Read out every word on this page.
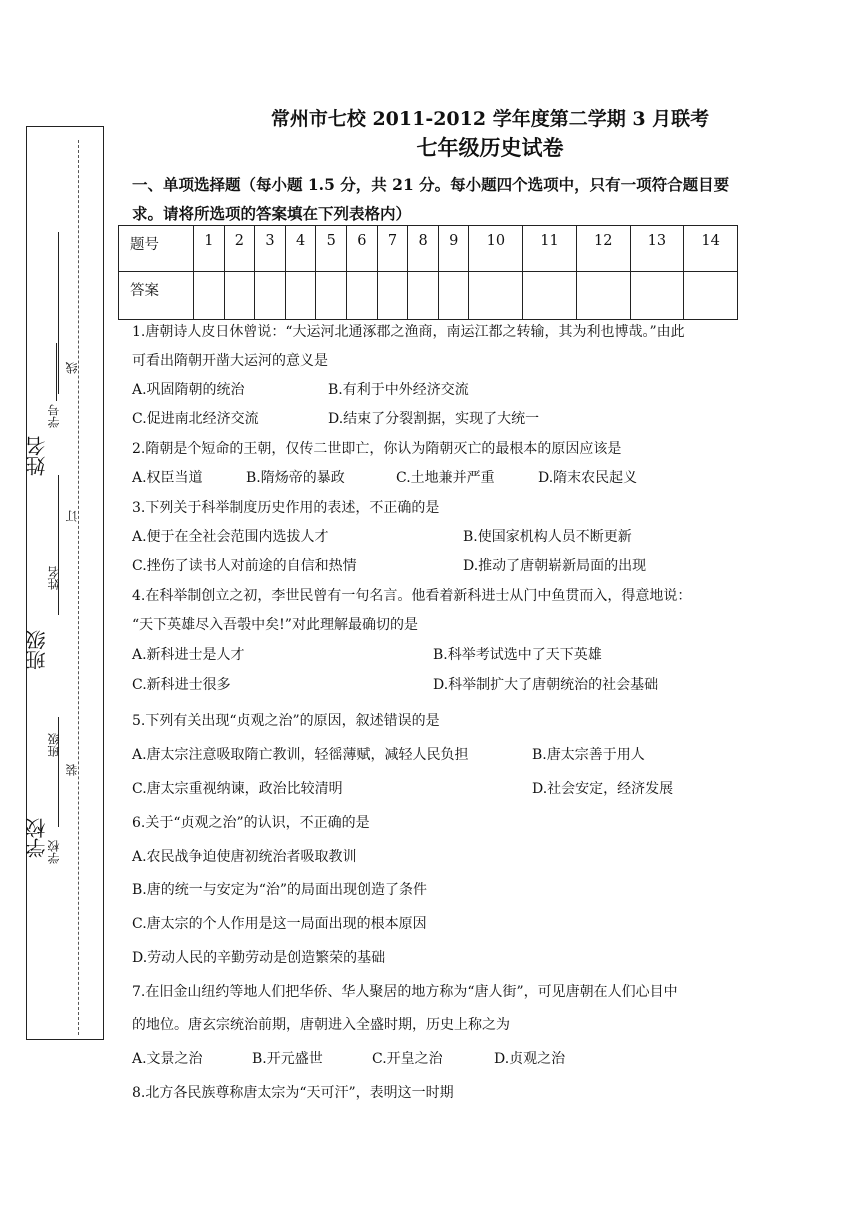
姓名
班级
学校
学号
姓名
班级
学校
线
订
装
常州市七校 2011-2012 学年度第二学期 3 月联考
七年级历史试卷
一、单项选择题（每小题 1.5 分，共 21 分。每小题四个选项中，只有一项符合题目要求。请将所选项的答案填在下列表格内）
题号	1	2	3	4	5	6	7	8	9	10	11	12	13	14
答案														
1.唐朝诗人皮日休曾说：“大运河北通涿郡之渔商，南运江都之转输，其为利也博哉。”由此
可看出隋朝开凿大运河的意义是
A.巩固隋朝的统治	B.有利于中外经济交流
C.促进南北经济交流	D.结束了分裂割据，实现了大统一
2.隋朝是个短命的王朝，仅传二世即亡，你认为隋朝灭亡的最根本的原因应该是
A.权臣当道	B.隋炀帝的暴政	C.土地兼并严重	D.隋末农民起义
3.下列关于科举制度历史作用的表述，不正确的是
A.便于在全社会范围内选拔人才	B.使国家机构人员不断更新
C.挫伤了读书人对前途的自信和热情	D.推动了唐朝崭新局面的出现
4.在科举制创立之初，李世民曾有一句名言。他看着新科进士从门中鱼贯而入，得意地说：
“天下英雄尽入吾彀中矣!”对此理解最确切的是
A.新科进士是人才	B.科举考试选中了天下英雄
C.新科进士很多	D.科举制扩大了唐朝统治的社会基础
5.下列有关出现“贞观之治”的原因，叙述错误的是
A.唐太宗注意吸取隋亡教训，轻徭薄赋，减轻人民负担	B.唐太宗善于用人
C.唐太宗重视纳谏，政治比较清明	D.社会安定，经济发展
6.关于“贞观之治”的认识，不正确的是
A.农民战争迫使唐初统治者吸取教训
B.唐的统一与安定为“治”的局面出现创造了条件
C.唐太宗的个人作用是这一局面出现的根本原因
D.劳动人民的辛勤劳动是创造繁荣的基础
7.在旧金山纽约等地人们把华侨、华人聚居的地方称为“唐人街”，可见唐朝在人们心目中
的地位。唐玄宗统治前期，唐朝进入全盛时期，历史上称之为
A.文景之治	B.开元盛世	C.开皇之治	D.贞观之治
8.北方各民族尊称唐太宗为“天可汗”，表明这一时期
